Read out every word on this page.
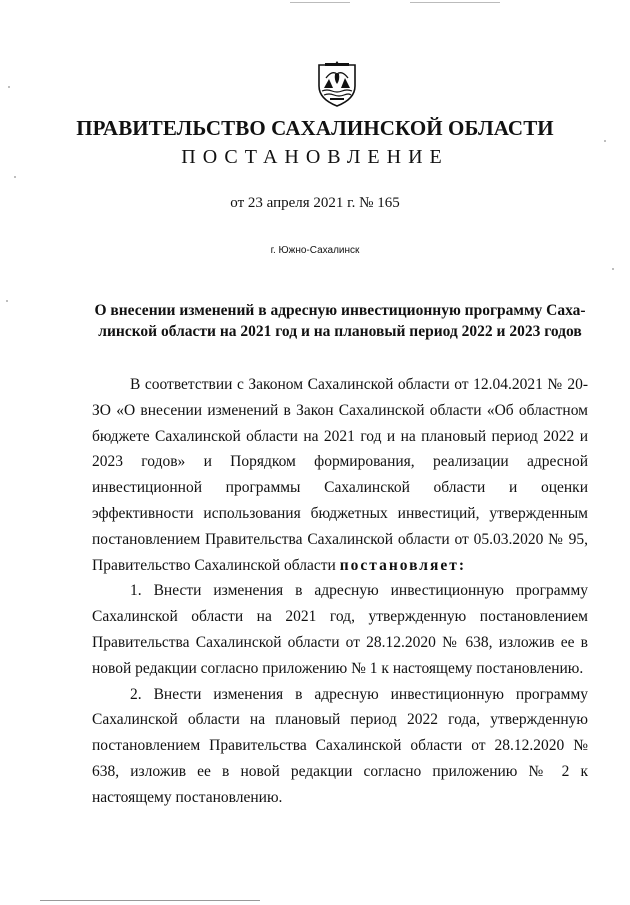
ПРАВИТЕЛЬСТВО САХАЛИНСКОЙ ОБЛАСТИ
ПОСТАНОВЛЕНИЕ
от 23 апреля 2021 г. № 165
г. Южно-Сахалинск
О внесении изменений в адресную инвестиционную программу Саха-
линской области на 2021 год и на плановый период 2022 и 2023 годов

В соответствии с Законом Сахалинской области от 12.04.2021 № 20-ЗО «О внесении изменений в Закон Сахалинской области «Об областном бюджете Сахалинской области на 2021 год и на плановый период 2022 и 2023 годов» и Порядком формирования, реализации адресной инвестиционной программы Сахалинской области и оценки эффективности использования бюджетных инвестиций, утвержденным постановлением Правительства Сахалинской области от 05.03.2020 № 95, Правительство Сахалинской области постановляет:

1. Внести изменения в адресную инвестиционную программу Сахалинской области на 2021 год, утвержденную постановлением Правительства Сахалинской области от 28.12.2020 № 638, изложив ее в новой редакции согласно приложению № 1 к настоящему постановлению.

2. Внести изменения в адресную инвестиционную программу Сахалинской области на плановый период 2022 года, утвержденную постановлением Правительства Сахалинской области от 28.12.2020 № 638, изложив ее в новой редакции согласно приложению № 2 к настоящему постановлению.
